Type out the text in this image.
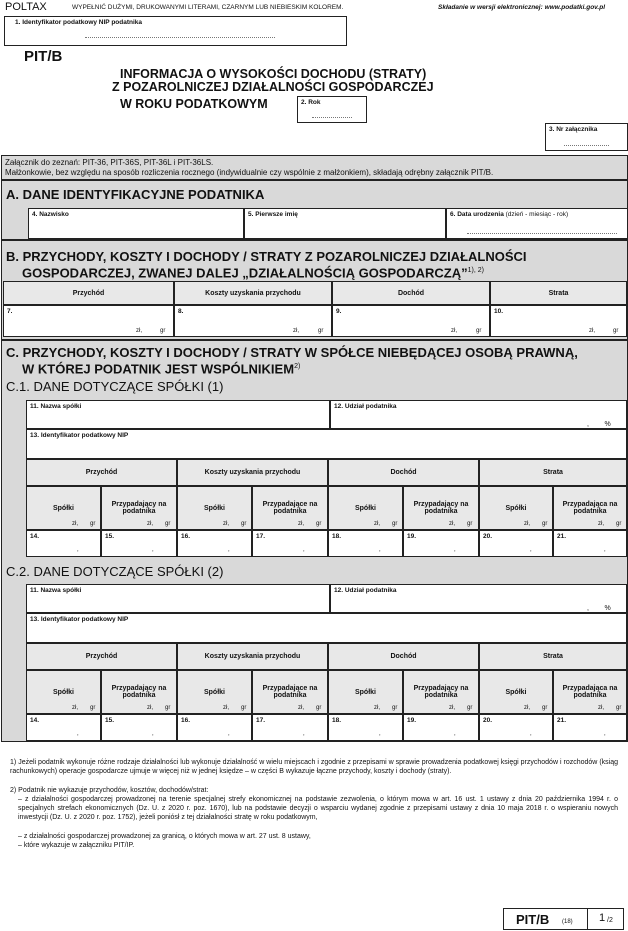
POLTAX	WYPEŁNIĆ DUŻYMI, DRUKOWANYMI LITERAMI, CZARNYM LUB NIEBIESKIM KOLOREM.	Składanie w wersji elektronicznej: www.podatki.gov.pl
1. Identyfikator podatkowy NIP podatnika
PIT/B
INFORMACJA O WYSOKOŚCI DOCHODU (STRATY)
Z POZAROLNICZEJ DZIAŁALNOŚCI GOSPODARCZEJ
W ROKU PODATKOWYM	2. Rok
3. Nr załącznika
Załącznik do zeznań: PIT-36, PIT-36S, PIT-36L i PIT-36LS.
Małżonkowie, bez względu na sposób rozliczenia rocznego (indywidualnie czy wspólnie z małżonkiem), składają odrębny załącznik PIT/B.
A. DANE IDENTYFIKACYJNE PODATNIKA
4. Nazwisko	5. Pierwsze imię	6. Data urodzenia (dzień - miesiąc - rok)
B. PRZYCHODY, KOSZTY I DOCHODY / STRATY Z POZAROLNICZEJ DZIAŁALNOŚCI
GOSPODARCZEJ, ZWANEJ DALEJ „DZIAŁALNOŚCIĄ GOSPODARCZĄ”$^{1), 2)}$
Przychód	Koszty uzyskania przychodu	Dochód	Strata
7.
zł,	gr
8.
zł,	gr
9.
zł,	gr
10.
zł,	gr
C. PRZYCHODY, KOSZTY I DOCHODY / STRATY W SPÓŁCE NIEBĘDĄCEJ OSOBĄ PRAWNĄ,
W KTÓREJ PODATNIK JEST WSPÓLNIKIEM$^{2)}$
C.1. DANE DOTYCZĄCE SPÓŁKI (1)
C.2. DANE DOTYCZĄCE SPÓŁKI (2)
11. Nazwa spółki	12. Udział podatnika
,        %
13. Identyfikator podatkowy NIP
Przychód	Koszty uzyskania przychodu	Dochód	Strata
Spółki	Przypadający na podatnika	Spółki	Przypadające na podatnika	Spółki	Przypadający na podatnika	Spółki	Przypadająca na podatnika
zł, gr	zł, gr	zł, gr	zł, gr	zł, gr	zł, gr	zł, gr	zł, gr
14.
,
15.
,
16.
,
17.
,
18.
,
19.
,
20.
,
21.
,
11. Nazwa spółki	12. Udział podatnika
,        %
13. Identyfikator podatkowy NIP
Przychód	Koszty uzyskania przychodu	Dochód	Strata
Spółki	Przypadający na podatnika	Spółki	Przypadające na podatnika	Spółki	Przypadający na podatnika	Spółki	Przypadająca na podatnika
zł, gr	zł, gr	zł, gr	zł, gr	zł, gr	zł, gr	zł, gr	zł, gr
14.
,
15.
,
16.
,
17.
,
18.
,
19.
,
20.
,
21.
,
1) Jeżeli podatnik wykonuje różne rodzaje działalności lub wykonuje działalność w wielu miejscach i zgodnie z przepisami w sprawie prowadzenia podatkowej księgi przychodów i rozchodów (ksiąg rachunkowych) operacje gospodarcze ujmuje w więcej niż w jednej księdze – w części B wykazuje łączne przychody, koszty i dochody (straty).
2) Podatnik nie wykazuje przychodów, kosztów, dochodów/strat:
– z działalności gospodarczej prowadzonej na terenie specjalnej strefy ekonomicznej na podstawie zezwolenia, o którym mowa w art. 16 ust. 1 ustawy z dnia 20 października 1994 r. o specjalnych strefach ekonomicznych (Dz. U. z 2020 r. poz. 1670), lub na podstawie decyzji o wsparciu wydanej zgodnie z przepisami ustawy z dnia 10 maja 2018 r. o wspieraniu nowych inwestycji (Dz. U. z 2020 r. poz. 1752), jeżeli poniósł z tej działalności stratę w roku podatkowym,
– z działalności gospodarczej prowadzonej za granicą, o których mowa w art. 27 ust. 8 ustawy,
– które wykazuje w załączniku PIT/IP.
PIT/B (18) 1 /2
